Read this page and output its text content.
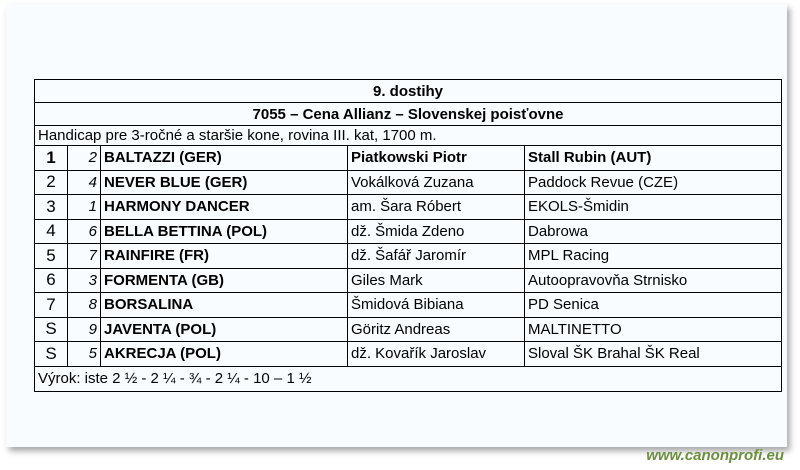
9. dostihy				
7055 – Cena Allianz – Slovenskej poisťovne				
Handicap pre 3-ročné a staršie kone, rovina III. kat, 1700 m.				
1	2	BALTAZZI (GER)	Piatkowski Piotr	Stall Rubin (AUT)
2	4	NEVER BLUE (GER)	Vokálková Zuzana	Paddock Revue (CZE)
3	1	HARMONY DANCER	am. Šara Róbert	EKOLS-Šmidin
4	6	BELLA BETTINA (POL)	dž. Šmida Zdeno	Dabrowa
5	7	RAINFIRE (FR)	dž. Šafář Jaromír	MPL Racing
6	3	FORMENTA (GB)	Giles Mark	Autoopravovňa Strnisko
7	8	BORSALINA	Šmidová Bibiana	PD Senica
S	9	JAVENTA (POL)	Göritz Andreas	MALTINETTO
S	5	AKRECJA (POL)	dž. Kovařík Jaroslav	Sloval ŠK Brahal ŠK Real
Výrok: iste 2 ½ - 2 ¼ - ¾ - 2 ¼ - 10 – 1 ½				
www.canonprofi.eu
